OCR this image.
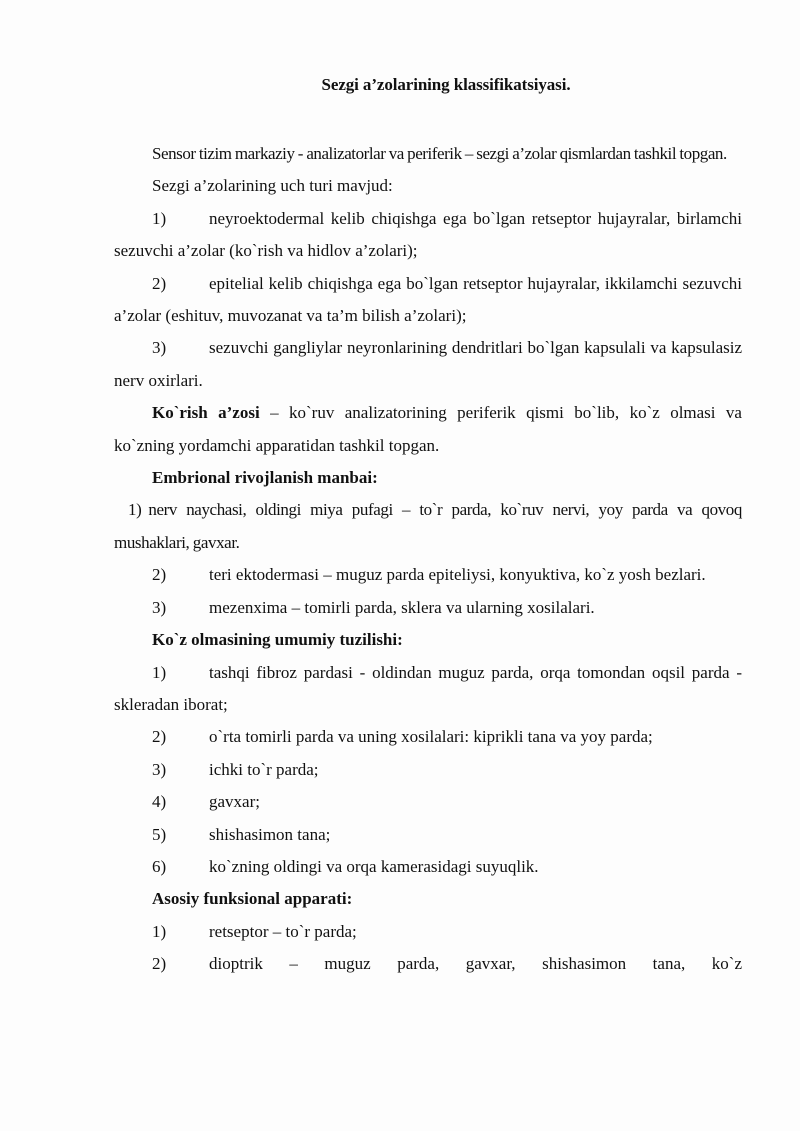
Sezgi a’zolarining klassifikatsiyasi.

Sensor tizim markaziy - analizatorlar va periferik – sezgi a’zolar qismlardan tashkil topgan.

Sezgi a’zolarining uch turi mavjud:

1)	neyroektodermal kelib chiqishga ega bo`lgan retseptor hujayralar, birlamchi sezuvchi a’zolar (ko`rish va hidlov a’zolari);

2)	epitelial kelib chiqishga ega bo`lgan retseptor hujayralar, ikkilamchi sezuvchi a’zolar (eshituv, muvozanat va ta’m bilish a’zolari);

3)	sezuvchi gangliylar neyronlarining dendritlari bo`lgan kapsulali va kapsulasiz nerv oxirlari.

Ko`rish a’zosi – ko`ruv analizatorining periferik qismi bo`lib, ko`z olmasi va ko`zning yordamchi apparatidan tashkil topgan.

Embrional rivojlanish manbai:

1) nerv naychasi, oldingi miya pufagi – to`r parda, ko`ruv nervi, yoy parda va qovoq mushaklari, gavxar.

2)	teri ektodermasi – muguz parda epiteliysi, konyuktiva, ko`z yosh bezlari.

3)	mezenxima – tomirli parda, sklera va ularning xosilalari.

Ko`z olmasining umumiy tuzilishi:

1)	tashqi fibroz pardasi - oldindan muguz parda, orqa tomondan oqsil parda - skleradan iborat;

2)	o`rta tomirli parda va uning xosilalari: kiprikli tana va yoy parda;

3)	ichki to`r parda;

4)	gavxar;

5)	shishasimon tana;

6)	ko`zning oldingi va orqa kamerasidagi suyuqlik.

Asosiy funksional apparati:

1)	retseptor – to`r parda;

2)	dioptrik – muguz parda, gavxar, shishasimon tana, ko`z
